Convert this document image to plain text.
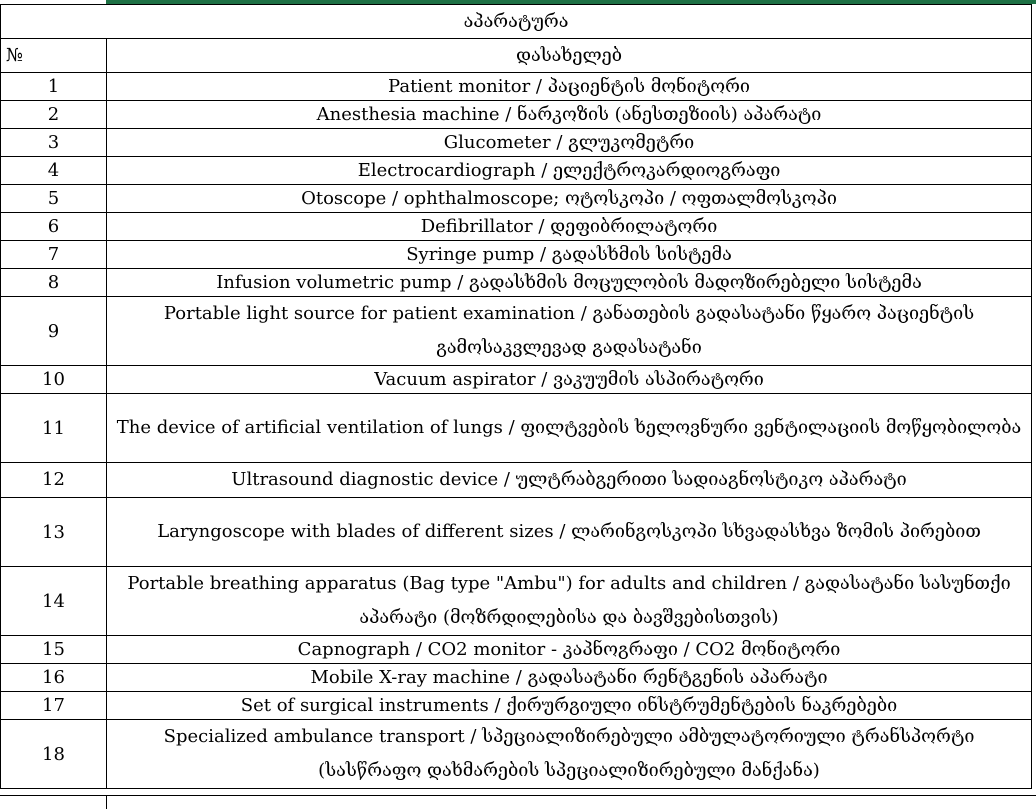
აპარატურა	
№	დასახელებ
1	Patient monitor / პაციენტის მონიტორი
2	Anesthesia machine / ნარკოზის (ანესთეზიის) აპარატი
3	Glucometer / გლუკომეტრი
4	Electrocardiograph / ელექტროკარდიოგრაფი
5	Otoscope / ophthalmoscope; ოტოსკოპი / ოფთალმოსკოპი
6	Defibrillator / დეფიბრილატორი
7	Syringe pump / გადასხმის სისტემა
8	Infusion volumetric pump / გადასხმის მოცულობის მადოზირებელი სისტემა
9	Portable light source for patient examination / განათების გადასატანი წყარო პაციენტის გამოსაკვლევად გადასატანი
10	Vacuum aspirator / ვაკუუმის ასპირატორი
11	The device of artificial ventilation of lungs / ფილტვების ხელოვნური ვენტილაციის მოწყობილობა
12	Ultrasound diagnostic device / ულტრაბგერითი სადიაგნოსტიკო აპარატი
13	Laryngoscope with blades of different sizes / ლარინგოსკოპი სხვადასხვა ზომის პირებით
14	Portable breathing apparatus (Bag type "Ambu") for adults and children / გადასატანი სასუნთქი აპარატი (მოზრდილებისა და ბავშვებისთვის)
15	Capnograph / CO2 monitor - კაპნოგრაფი / CO2 მონიტორი
16	Mobile X-ray machine / გადასატანი რენტგენის აპარატი
17	Set of surgical instruments / ქირურგიული ინსტრუმენტების ნაკრებები
18	Specialized ambulance transport / სპეციალიზირებული ამბულატორიული ტრანსპორტი (სასწრაფო დახმარების სპეციალიზირებული მანქანა)
